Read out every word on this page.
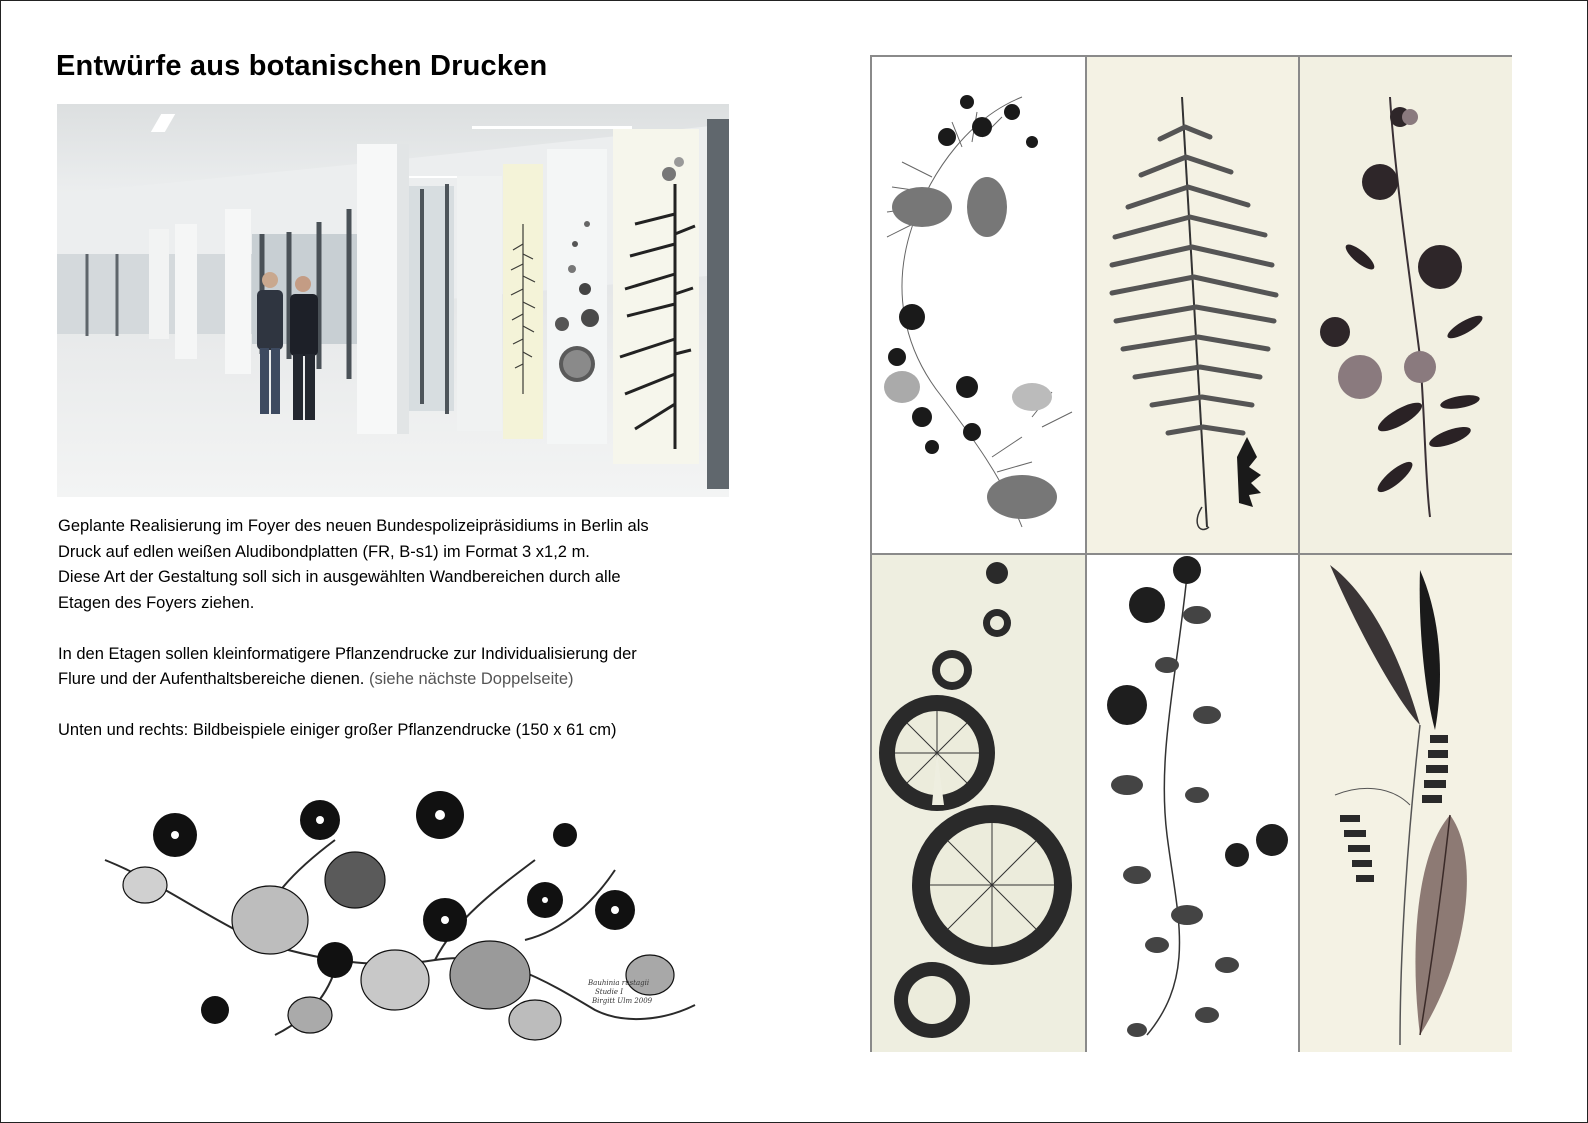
Entwürfe aus botanischen Drucken

Geplante Realisierung im Foyer des neuen Bundespolizeipräsidiums in Berlin als
Druck auf edlen weißen Aludibondplatten (FR, B-s1) im Format 3 x1,2 m.
Diese Art der Gestaltung soll sich in ausgewählten Wandbereichen durch alle
Etagen des Foyers ziehen.

In den Etagen sollen kleinformatigere Pflanzendrucke zur Individualisierung der
Flure und der Aufenthaltsbereiche dienen. (siehe nächste Doppelseite)

Unten und rechts: Bildbeispiele einiger großer Pflanzendrucke (150 x 61 cm)

Bauhinia rustagii
Studie I
Birgitt Ulm 2009
